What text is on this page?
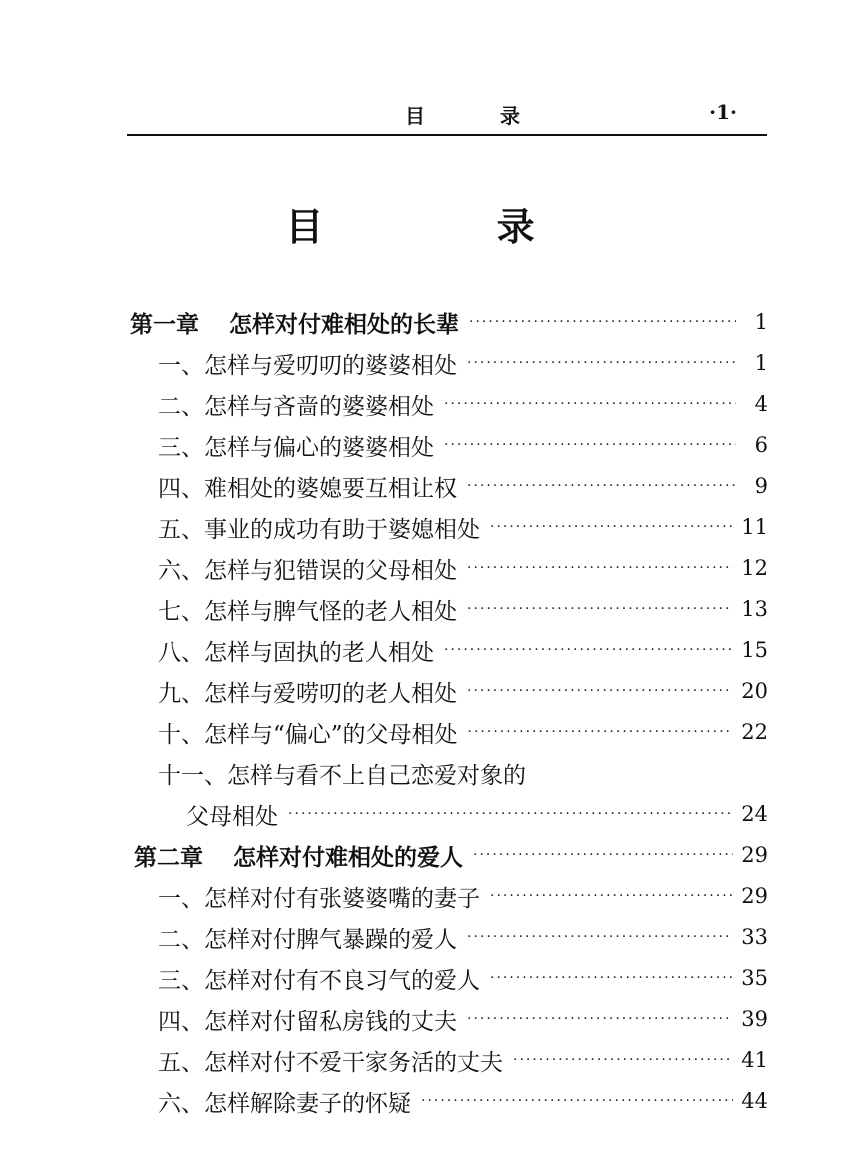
目 录	·1·
目 录
第一章 怎样对付难相处的长辈 ·····	1
一、怎样与爱叨叨的婆婆相处 ·····	1
二、怎样与吝啬的婆婆相处 ·····	4
三、怎样与偏心的婆婆相处 ·····	6
四、难相处的婆媳要互相让权 ·····	9
五、事业的成功有助于婆媳相处 ·····	11
六、怎样与犯错误的父母相处 ·····	12
七、怎样与脾气怪的老人相处 ·····	13
八、怎样与固执的老人相处 ·····	15
九、怎样与爱唠叨的老人相处 ·····	20
十、怎样与“偏心”的父母相处 ·····	22
十一、怎样与看不上自己恋爱对象的
父母相处 ·····	24
第二章 怎样对付难相处的爱人 ·····	29
一、怎样对付有张婆婆嘴的妻子 ·····	29
二、怎样对付脾气暴躁的爱人 ·····	33
三、怎样对付有不良习气的爱人 ·····	35
四、怎样对付留私房钱的丈夫 ·····	39
五、怎样对付不爱干家务活的丈夫 ·····	41
六、怎样解除妻子的怀疑 ·····	44
